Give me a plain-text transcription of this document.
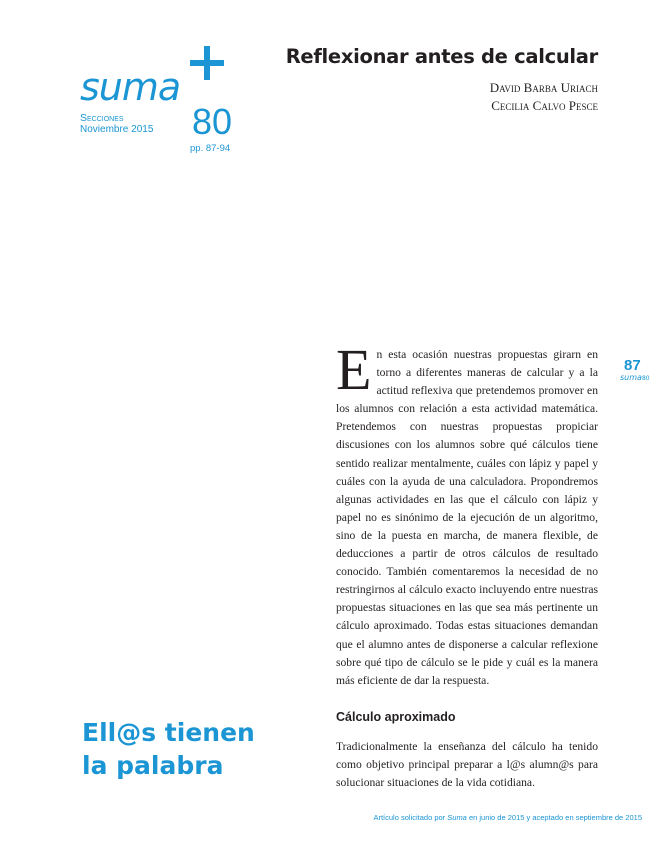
suma
Secciones
Noviembre 2015 80
pp. 87-94
Reflexionar antes de calcular
David Barba Uriach
Cecilia Calvo Pesce
87
suma80
En esta ocasión nuestras propuestas girarn en torno a diferentes maneras de calcular y a la actitud reflexiva que pretendemos promover en los alumnos con relación a esta actividad matemática. Pretendemos con nuestras propuestas propiciar discusiones con los alumnos sobre qué cálculos tiene sentido realizar mentalmente, cuáles con lápiz y papel y cuáles con la ayuda de una calculadora. Propondremos algunas actividades en las que el cálculo con lápiz y papel no es sinónimo de la ejecución de un algoritmo, sino de la puesta en marcha, de manera flexible, de deducciones a partir de otros cálculos de resultado conocido. También comentaremos la necesidad de no restringirnos al cálculo exacto incluyendo entre nuestras propuestas situaciones en las que sea más pertinente un cálculo aproximado. Todas estas situaciones demandan que el alumno antes de disponerse a calcular reflexione sobre qué tipo de cálculo se le pide y cuál es la manera más eficiente de dar la respuesta.
Cálculo aproximado
Tradicionalmente la enseñanza del cálculo ha tenido como objetivo principal preparar a l@s alumn@s para solucionar situaciones de la vida cotidiana.
Ell@s tienen
la palabra
Artículo solicitado por Suma en junio de 2015 y aceptado en septiembre de 2015
